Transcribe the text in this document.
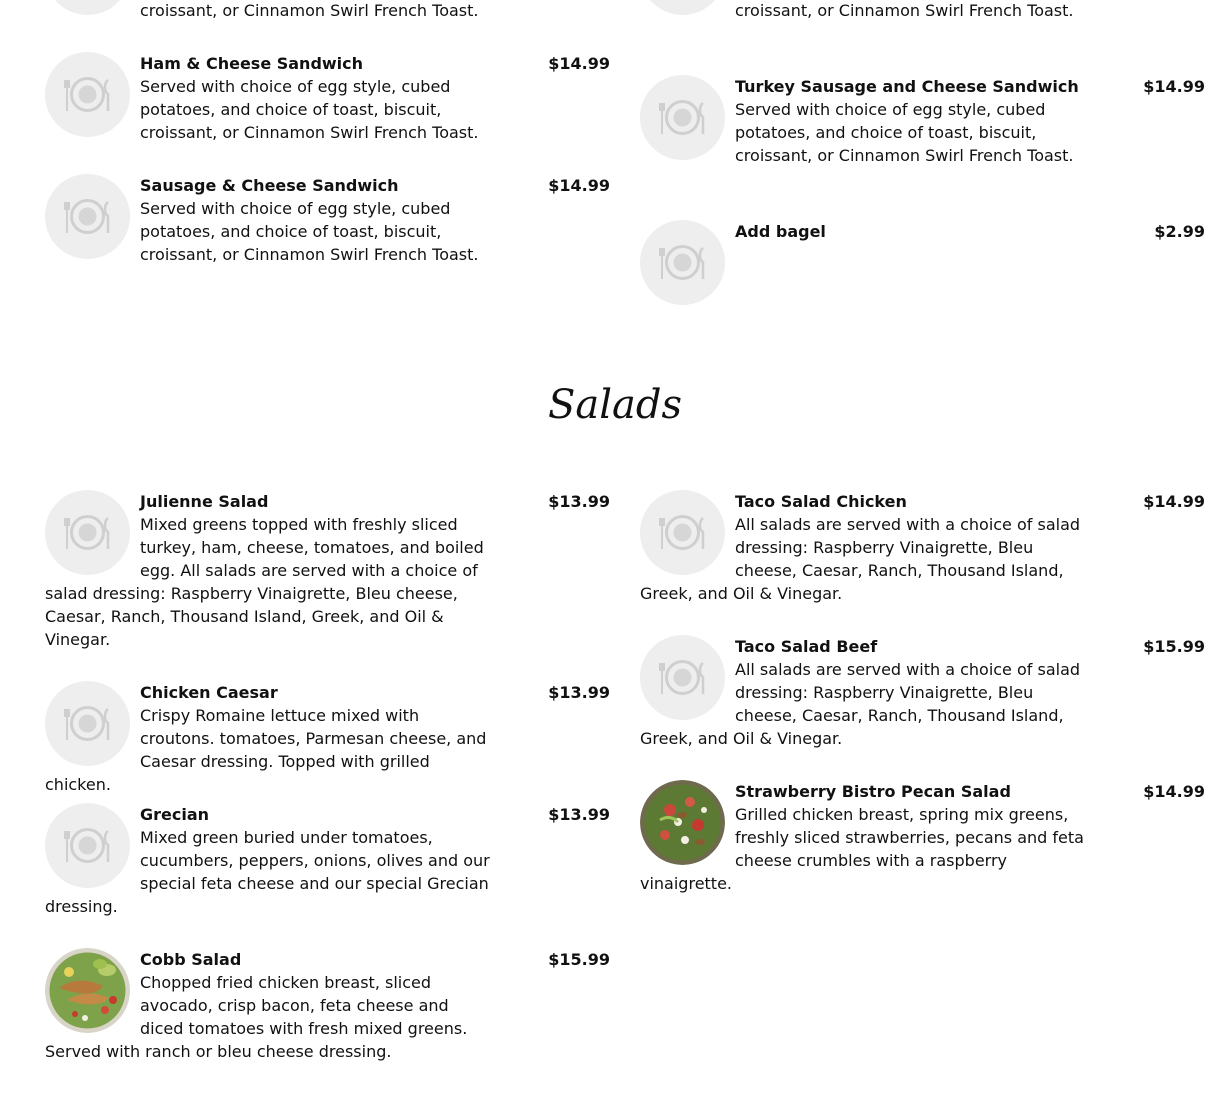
croissant, or Cinnamon Swirl French Toast.	croissant, or Cinnamon Swirl French Toast.
Ham & Cheese Sandwich	$14.99
Served with choice of egg style, cubed potatoes, and choice of toast, biscuit, croissant, or Cinnamon Swirl French Toast.
Sausage & Cheese Sandwich	$14.99
Served with choice of egg style, cubed potatoes, and choice of toast, biscuit, croissant, or Cinnamon Swirl French Toast.
Turkey Sausage and Cheese Sandwich	$14.99
Served with choice of egg style, cubed potatoes, and choice of toast, biscuit, croissant, or Cinnamon Swirl French Toast.
Add bagel	$2.99
Salads
Julienne Salad	$13.99
Mixed greens topped with freshly sliced turkey, ham, cheese, tomatoes, and boiled egg. All salads are served with a choice of salad dressing: Raspberry Vinaigrette, Bleu cheese, Caesar, Ranch, Thousand Island, Greek, and Oil & Vinegar.
Chicken Caesar	$13.99
Crispy Romaine lettuce mixed with croutons. tomatoes, Parmesan cheese, and Caesar dressing. Topped with grilled chicken.
Grecian	$13.99
Mixed green buried under tomatoes, cucumbers, peppers, onions, olives and our special feta cheese and our special Grecian dressing.
Cobb Salad	$15.99
Chopped fried chicken breast, sliced avocado, crisp bacon, feta cheese and diced tomatoes with fresh mixed greens. Served with ranch or bleu cheese dressing.
Taco Salad Chicken	$14.99
All salads are served with a choice of salad dressing: Raspberry Vinaigrette, Bleu cheese, Caesar, Ranch, Thousand Island, Greek, and Oil & Vinegar.
Taco Salad Beef	$15.99
All salads are served with a choice of salad dressing: Raspberry Vinaigrette, Bleu cheese, Caesar, Ranch, Thousand Island, Greek, and Oil & Vinegar.
Strawberry Bistro Pecan Salad	$14.99
Grilled chicken breast, spring mix greens, freshly sliced strawberries, pecans and feta cheese crumbles with a raspberry vinaigrette.
